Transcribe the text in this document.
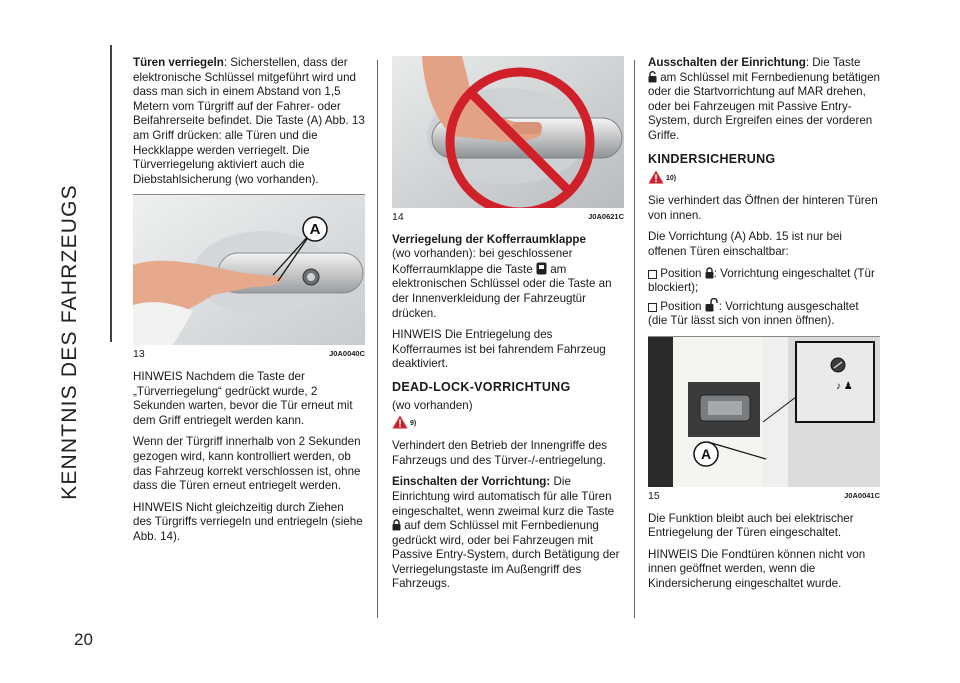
KENNTNIS DES FAHRZEUGS
20

Türen verriegeln: Sicherstellen, dass der elektronische Schlüssel mitgeführt wird und dass man sich in einem Abstand von 1,5 Metern vom Türgriff auf der Fahrer- oder Beifahrerseite befindet. Die Taste (A) Abb. 13 am Griff drücken: alle Türen und die Heckklappe werden verriegelt. Die Türverriegelung aktiviert auch die Diebstahlsicherung (wo vorhanden).

A
13	J0A0040C

HINWEIS Nachdem die Taste der „Türverriegelung“ gedrückt wurde, 2 Sekunden warten, bevor die Tür erneut mit dem Griff entriegelt werden kann.

Wenn der Türgriff innerhalb von 2 Sekunden gezogen wird, kann kontrolliert werden, ob das Fahrzeug korrekt verschlossen ist, ohne dass die Türen erneut entriegelt werden.

HINWEIS Nicht gleichzeitig durch Ziehen des Türgriffs verriegeln und entriegeln (siehe Abb. 14).

14	J0A0621C

Verriegelung der Kofferraumklappe
(wo vorhanden): bei geschlossener Kofferraumklappe die Taste am elektronischen Schlüssel oder die Taste an der Innenverkleidung der Fahrzeugtür drücken.

HINWEIS Die Entriegelung des Kofferraumes ist bei fahrendem Fahrzeug deaktiviert.

DEAD-LOCK-VORRICHTUNG

(wo vorhanden)

9)

Verhindert den Betrieb der Innengriffe des Fahrzeugs und des Türver-/-entriegelung.

Einschalten der Vorrichtung: Die Einrichtung wird automatisch für alle Türen eingeschaltet, wenn zweimal kurz die Taste  auf dem Schlüssel mit Fernbedienung gedrückt wird, oder bei Fahrzeugen mit Passive Entry-System, durch Betätigung der Verriegelungstaste im Außengriff des Fahrzeugs.

Ausschalten der Einrichtung: Die Taste
am Schlüssel mit Fernbedienung betätigen oder die Startvorrichtung auf MAR drehen, oder bei Fahrzeugen mit Passive Entry-System, durch Ergreifen eines der vorderen Griffe.

KINDERSICHERUNG
10)

Sie verhindert das Öffnen der hinteren Türen von innen.

Die Vorrichtung (A) Abb. 15 ist nur bei offenen Türen einschaltbar:

Position : Vorrichtung eingeschaltet (Tür blockiert);

Position : Vorrichtung ausgeschaltet (die Tür lässt sich von innen öffnen).

♪ ♟
A
15	J0A0041C

Die Funktion bleibt auch bei elektrischer Entriegelung der Türen eingeschaltet.

HINWEIS Die Fondtüren können nicht von innen geöffnet werden, wenn die Kindersicherung eingeschaltet wurde.
